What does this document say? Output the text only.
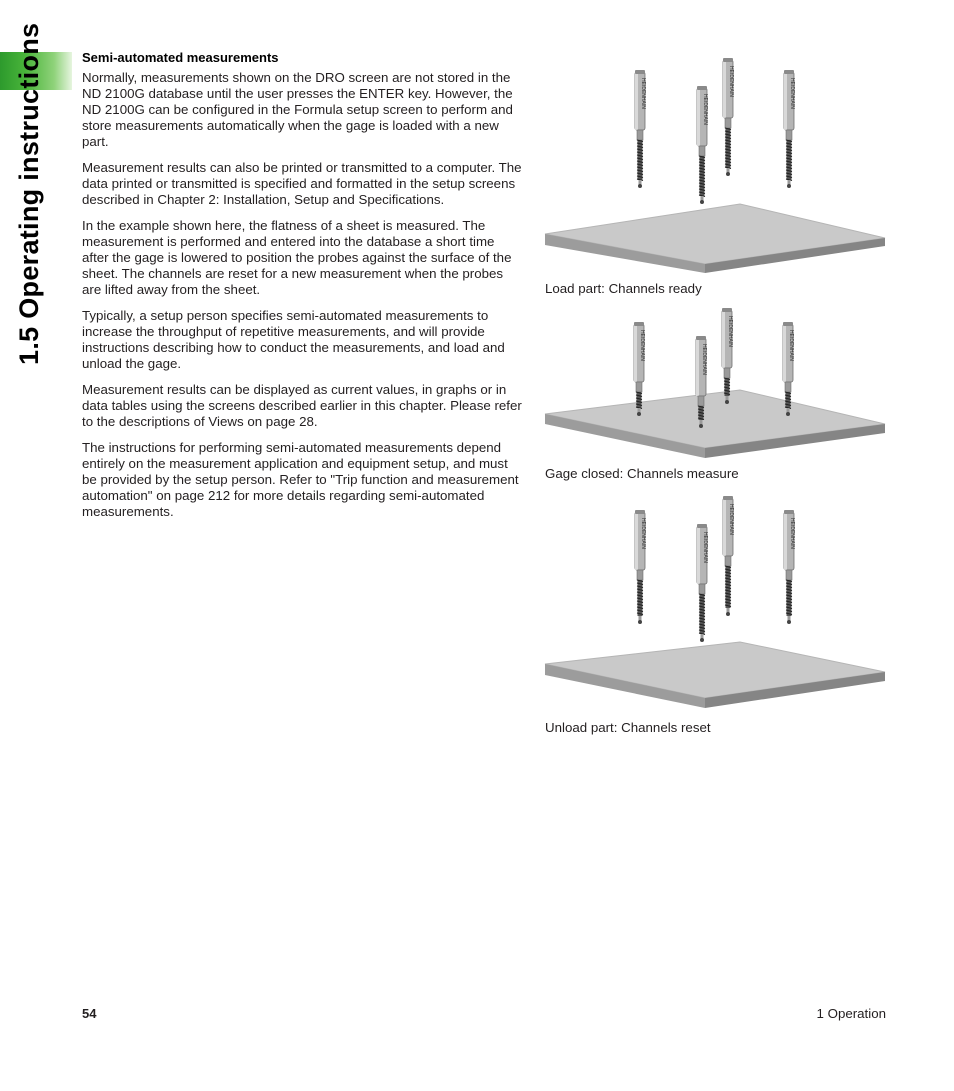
1.5 Operating instructions	Semi-automated measurements

Normally, measurements shown on the DRO screen are not stored in the ND 2100G database until the user presses the ENTER key. However, the ND 2100G can be configured in the Formula setup screen to perform and store measurements automatically when the gage is loaded with a new part.

Measurement results can also be printed or transmitted to a computer. The data printed or transmitted is specified and formatted in the setup screens described in Chapter 2: Installation, Setup and Specifications.

In the example shown here, the flatness of a sheet is measured. The measurement is performed and entered into the database a short time after the gage is lowered to position the probes against the surface of the sheet. The channels are reset for a new measurement when the probes are lifted away from the sheet.

Typically, a setup person specifies semi-automated measurements to increase the throughput of repetitive measurements, and will provide instructions describing how to conduct the measurements, and load and unload the gage.

Measurement results can be displayed as current values, in graphs or in data tables using the screens described earlier in this chapter. Please refer to the descriptions of Views on page 28.

The instructions for performing semi-automated measurements depend entirely on the measurement application and equipment setup, and must be provided by the setup person. Refer to "Trip function and measurement automation" on page 212 for more details regarding semi-automated measurements.

HEIDENHAIN
HEIDENHAIN
HEIDENHAIN	HEIDENHAIN
Load part: Channels ready
HEIDENHAIN	HEIDENHAIN
HEIDENHAIN	HEIDENHAIN
Gage closed: Channels measure
HEIDENHAIN	HEIDENHAIN
HEIDENHAIN	HEIDENHAIN
Unload part: Channels reset
54	1 Operation
